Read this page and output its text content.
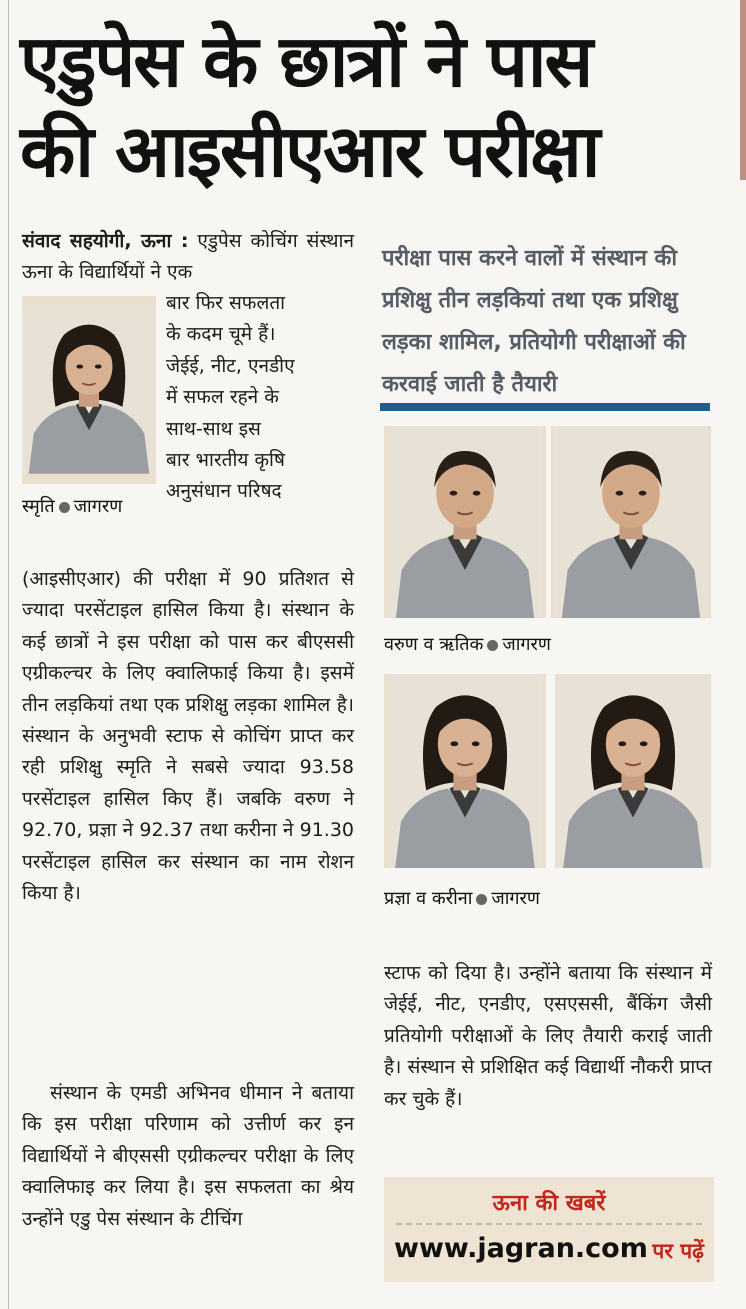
एडुपेस के छात्रों ने पास
की आइसीएआर परीक्षा
संवाद सहयोगी, ऊना : एडुपेस कोचिंग संस्थान ऊना के विद्यार्थियों ने एक
स्मृति जागरण
बार फिर सफलता
के कदम चूमे हैं।
जेईई, नीट, एनडीए
में सफल रहने के
साथ-साथ इस
बार भारतीय कृषि
अनुसंधान परिषद
(आइसीएआर) की परीक्षा में 90 प्रतिशत से ज्यादा परसेंटाइल हासिल किया है। संस्थान के कई छात्रों ने इस परीक्षा को पास कर बीएससी एग्रीकल्चर के लिए क्वालिफाई किया है। इसमें तीन लड़कियां तथा एक प्रशिक्षु लड़का शामिल है। संस्थान के अनुभवी स्टाफ से कोचिंग प्राप्त कर रही प्रशिक्षु स्मृति ने सबसे ज्यादा 93.58 परसेंटाइल हासिल किए हैं। जबकि वरुण ने 92.70, प्रज्ञा ने 92.37 तथा करीना ने 91.30 परसेंटाइल हासिल कर संस्थान का नाम रोशन किया है।
संस्थान के एमडी अभिनव धीमान ने बताया कि इस परीक्षा परिणाम को उत्तीर्ण कर इन विद्यार्थियों ने बीएससी एग्रीकल्चर परीक्षा के लिए क्वालिफाइ कर लिया है। इस सफलता का श्रेय उन्होंने एडु पेस संस्थान के टीचिंग
परीक्षा पास करने वालों में संस्थान की प्रशिक्षु तीन लड़कियां तथा एक प्रशिक्षु लड़का शामिल, प्रतियोगी परीक्षाओं की करवाई जाती है तैयारी
वरुण व ऋतिक जागरण
प्रज्ञा व करीना जागरण
स्टाफ को दिया है। उन्होंने बताया कि संस्थान में जेईई, नीट, एनडीए, एसएससी, बैंकिंग जैसी प्रतियोगी परीक्षाओं के लिए तैयारी कराई जाती है। संस्थान से प्रशिक्षित कई विद्यार्थी नौकरी प्राप्त कर चुके हैं।
ऊना की खबरें
www.jagran.com पर पढ़ें
